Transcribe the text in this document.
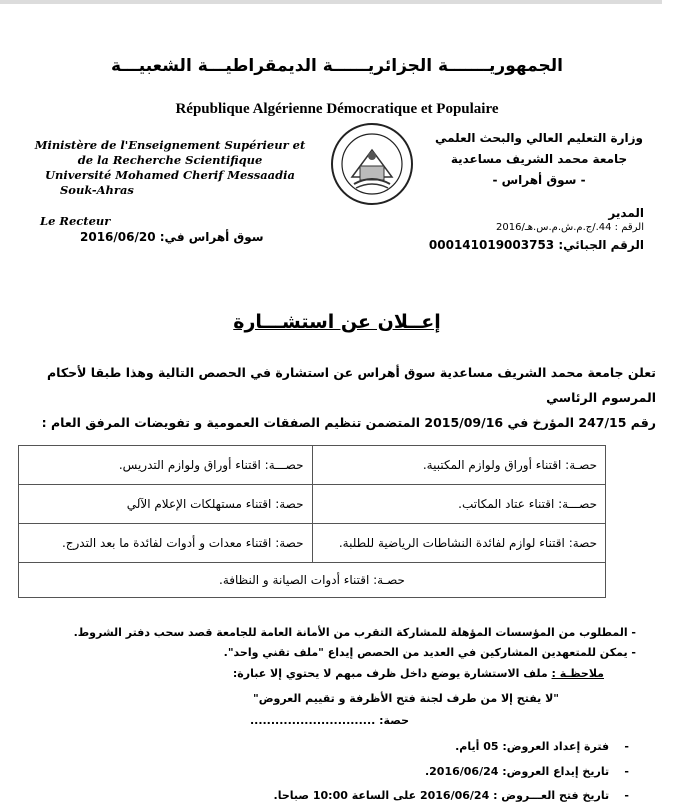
الجمهوريـــــــة الجزائريــــــة الديمقراطيـــة الشعبيـــة
République Algérienne Démocratique et Populaire
Ministère de l'Enseignement Supérieur et
de la Recherche Scientifique
Université Mohamed Cherif Messaadia
Souk-Ahras
وزارة التعليم العالي والبحث العلمي
جامعة محمد الشريف مساعدية
- سوق أهراس -
Le Recteur
سوق أهراس في: 2016/06/20
المدير
الرقم : 44./ج.م.ش.م.س.هـ/2016
الرقم الجبائي: 000141019003753
إعــلان عن استشـــارة
تعلن جامعة محمد الشريف مساعدية سوق أهراس عن استشارة في الحصص التالية وهذا طبقا لأحكام المرسوم الرئاسي
رقم 247/15 المؤرخ في 2015/09/16 المتضمن تنظيم الصفقات العمومية و تفويضات المرفق العام :
حصـــة: اقتناء أوراق ولوازم التدريس.	حصـة: اقتناء أوراق ولوازم المكتبية.
حصة: اقتناء مستهلكات الإعلام الآلي	حصـــة: اقتناء عتاد المكاتب.
حصة: اقتناء معدات و أدوات لفائدة ما بعد التدرج.	حصة: اقتناء لوازم لفائدة النشاطات الرياضية للطلبة.
حصـة: اقتناء أدوات الصيانة و النظافة.	
- المطلوب من المؤسسات المؤهلة للمشاركة التقرب من الأمانة العامة للجامعة قصد سحب دفتر الشروط.
- يمكن للمتعهدين المشاركين في العديد من الحصص إيداع "ملف تقني واحد".
ملاحظـة : ملف الاستشارة يوضع داخل ظرف مبهم لا يحتوي إلا عبارة:
"لا يفتح إلا من طرف لجنة فتح الأظرفة و تقييم العروض"
حصة: ..............................
-    فترة إعداد العروض: 05 أيام.
-    تاريخ إيداع العروض: 2016/06/24.
-    تاريخ فتح العـــروض : 2016/06/24 على الساعة 10:00 صباحا.
